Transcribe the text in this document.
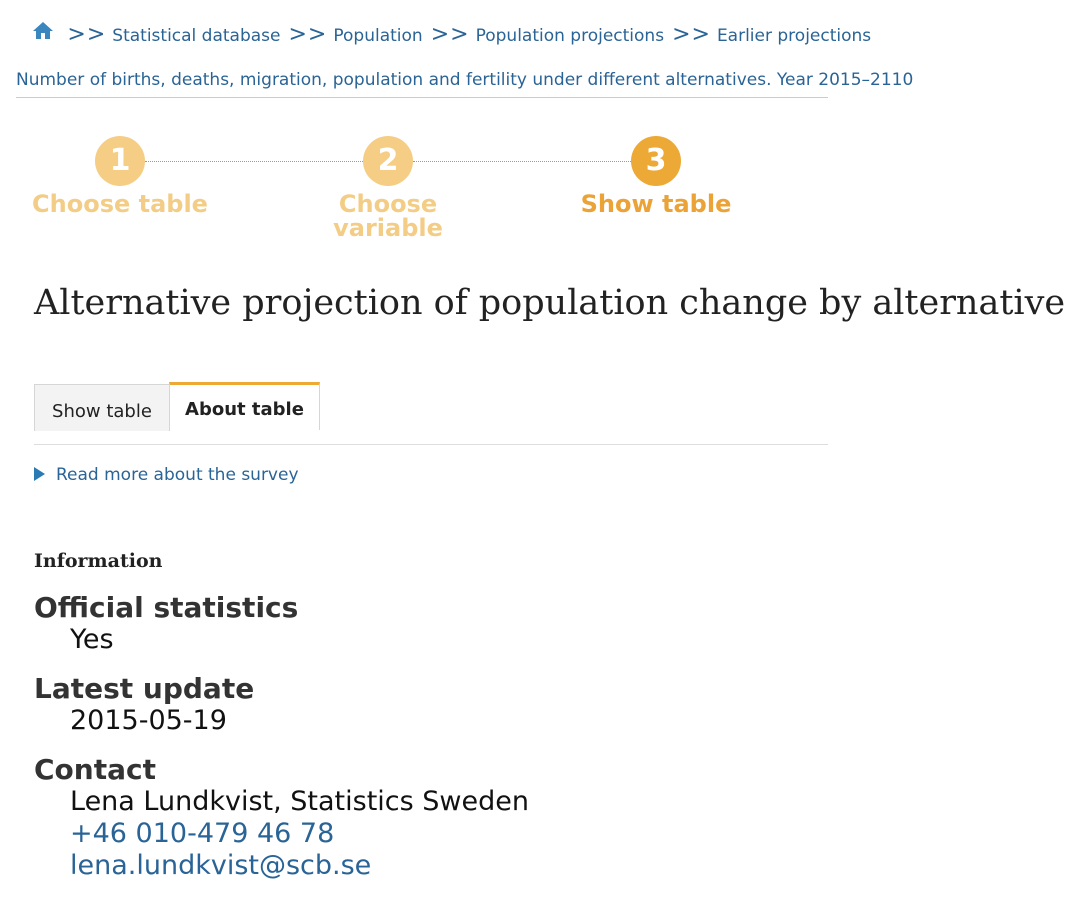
>> Statistical database >> Population >> Population projections >> Earlier projections
Number of births, deaths, migration, population and fertility under different alternatives. Year 2015–2110
1
Choose table
2
Choose
variable
3
Show table
Alternative projection of population change by alternative
Show table	About table
Read more about the survey
Information
Official statistics
Yes
Latest update
2015-05-19
Contact
Lena Lundkvist, Statistics Sweden
+46 010-479 46 78
lena.lundkvist@scb.se
